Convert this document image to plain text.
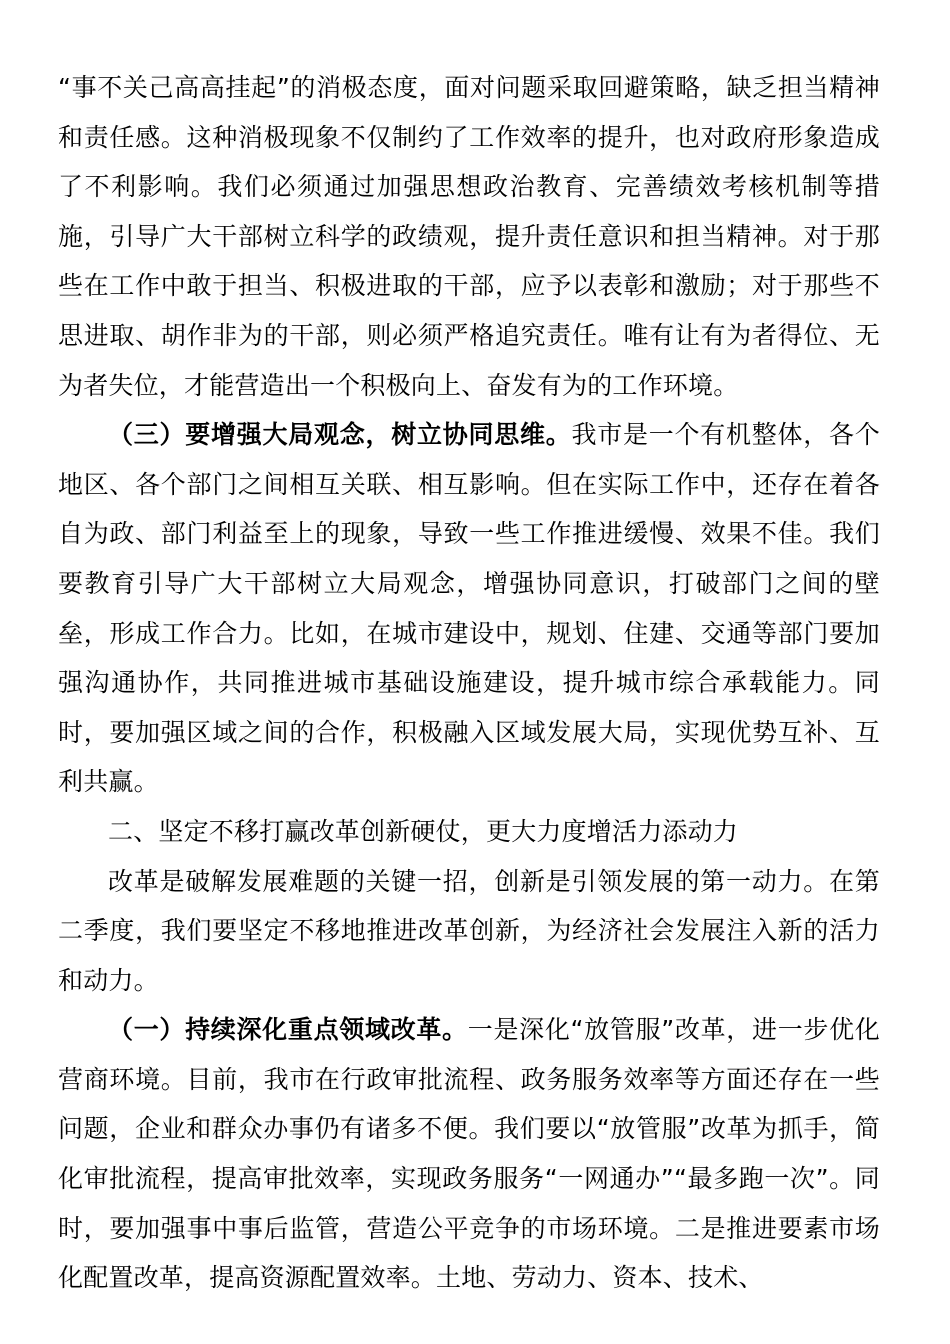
“事不关己高高挂起”的消极态度，面对问题采取回避策略，缺乏担当精神和责任感。这种消极现象不仅制约了工作效率的提升，也对政府形象造成了不利影响。我们必须通过加强思想政治教育、完善绩效考核机制等措施，引导广大干部树立科学的政绩观，提升责任意识和担当精神。对于那些在工作中敢于担当、积极进取的干部，应予以表彰和激励；对于那些不思进取、胡作非为的干部，则必须严格追究责任。唯有让有为者得位、无为者失位，才能营造出一个积极向上、奋发有为的工作环境。

（三）要增强大局观念，树立协同思维。我市是一个有机整体，各个地区、各个部门之间相互关联、相互影响。但在实际工作中，还存在着各自为政、部门利益至上的现象，导致一些工作推进缓慢、效果不佳。我们要教育引导广大干部树立大局观念，增强协同意识，打破部门之间的壁垒，形成工作合力。比如，在城市建设中，规划、住建、交通等部门要加强沟通协作，共同推进城市基础设施建设，提升城市综合承载能力。同时，要加强区域之间的合作，积极融入区域发展大局，实现优势互补、互利共赢。

二、坚定不移打赢改革创新硬仗，更大力度增活力添动力

改革是破解发展难题的关键一招，创新是引领发展的第一动力。在第二季度，我们要坚定不移地推进改革创新，为经济社会发展注入新的活力和动力。

（一）持续深化重点领域改革。一是深化“放管服”改革，进一步优化营商环境。目前，我市在行政审批流程、政务服务效率等方面还存在一些问题，企业和群众办事仍有诸多不便。我们要以“放管服”改革为抓手，简化审批流程，提高审批效率，实现政务服务“一网通办”“最多跑一次”。同时，要加强事中事后监管，营造公平竞争的市场环境。二是推进要素市场化配置改革，提高资源配置效率。土地、劳动力、资本、技术、
